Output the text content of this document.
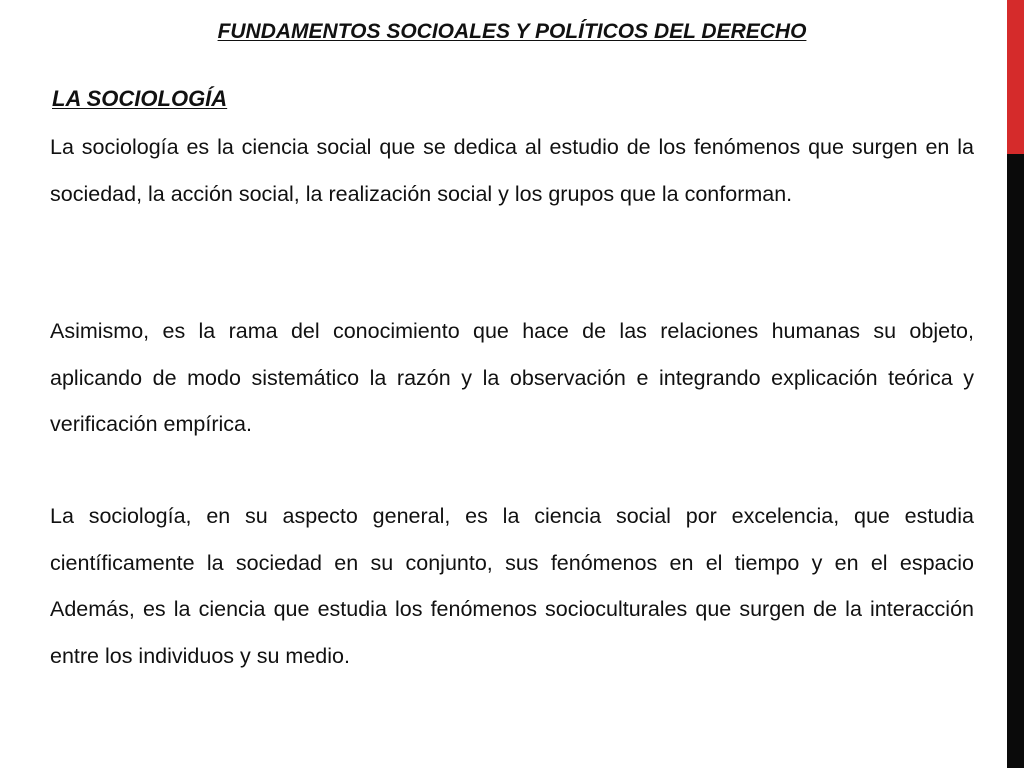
FUNDAMENTOS SOCIOALES Y POLÍTICOS DEL DERECHO
LA SOCIOLOGÍA

La sociología es la ciencia social que se dedica al estudio de los fenómenos que surgen en la sociedad, la acción social, la realización social y los grupos que la conforman.

Asimismo, es la rama del conocimiento que hace de las relaciones humanas su objeto, aplicando de modo sistemático la razón y la observación e integrando explicación teórica y verificación empírica.

La sociología, en su aspecto general, es la ciencia social por excelencia, que estudia científicamente la sociedad en su conjunto, sus fenómenos en el tiempo y en el espacio Además, es la ciencia que estudia los fenómenos socioculturales que surgen de la interacción entre los individuos y su medio.
